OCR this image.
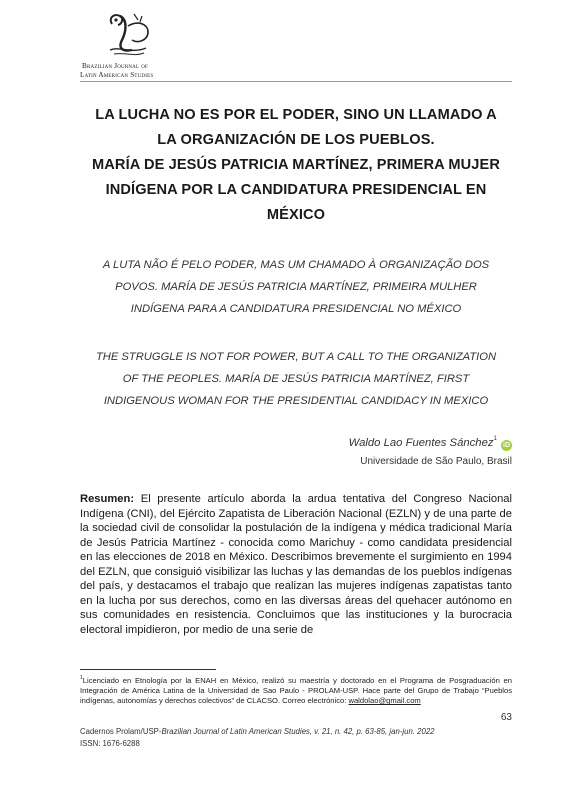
Brazilian Journal of
Latin American Studies
LA LUCHA NO ES POR EL PODER, SINO UN LLAMADO A
LA ORGANIZACIÓN DE LOS PUEBLOS.
MARÍA DE JESÚS PATRICIA MARTÍNEZ, PRIMERA MUJER
INDÍGENA POR LA CANDIDATURA PRESIDENCIAL EN
MÉXICO
A LUTA NÃO É PELO PODER, MAS UM CHAMADO À ORGANIZAÇÃO DOS
POVOS. MARÍA DE JESÚS PATRICIA MARTÍNEZ, PRIMEIRA MULHER
INDÍGENA PARA A CANDIDATURA PRESIDENCIAL NO MÉXICO
THE STRUGGLE IS NOT FOR POWER, BUT A CALL TO THE ORGANIZATION
OF THE PEOPLES. MARÍA DE JESÚS PATRICIA MARTÍNEZ, FIRST
INDIGENOUS WOMAN FOR THE PRESIDENTIAL CANDIDACY IN MEXICO
Waldo Lao Fuentes Sánchez$^1$ iD
Universidade de São Paulo, Brasil
Resumen: El presente artículo aborda la ardua tentativa del Congreso Nacional Indígena (CNI), del Ejército Zapatista de Liberación Nacional (EZLN) y de una parte de la sociedad civil de consolidar la postulación de la indígena y médica tradicional María de Jesús Patricia Martínez - conocida como Marichuy - como candidata presidencial en las elecciones de 2018 en México. Describimos brevemente el surgimiento en 1994 del EZLN, que consiguió visibilizar las luchas y las demandas de los pueblos indígenas del país, y destacamos el trabajo que realizan las mujeres indígenas zapatistas tanto en la lucha por sus derechos, como en las diversas áreas del quehacer autónomo en sus comunidades en resistencia. Concluimos que las instituciones y la burocracia electoral impidieron, por medio de una serie de
$^1$Licenciado en Etnología por la ENAH en México, realizó su maestría y doctorado en el Programa de Posgraduación en Integración de América Latina de la Universidad de Sao Paulo - PROLAM-USP. Hace parte del Grupo de Trabajo “Pueblos indígenas, autonomías y derechos colectivos” de CLACSO. Correo electrónico: waldolao@gmail.com
63
Cadernos Prolam/USP-Brazilian Journal of Latin American Studies, v. 21, n. 42, p. 63-85, jan-jun. 2022
ISSN: 1676-6288
